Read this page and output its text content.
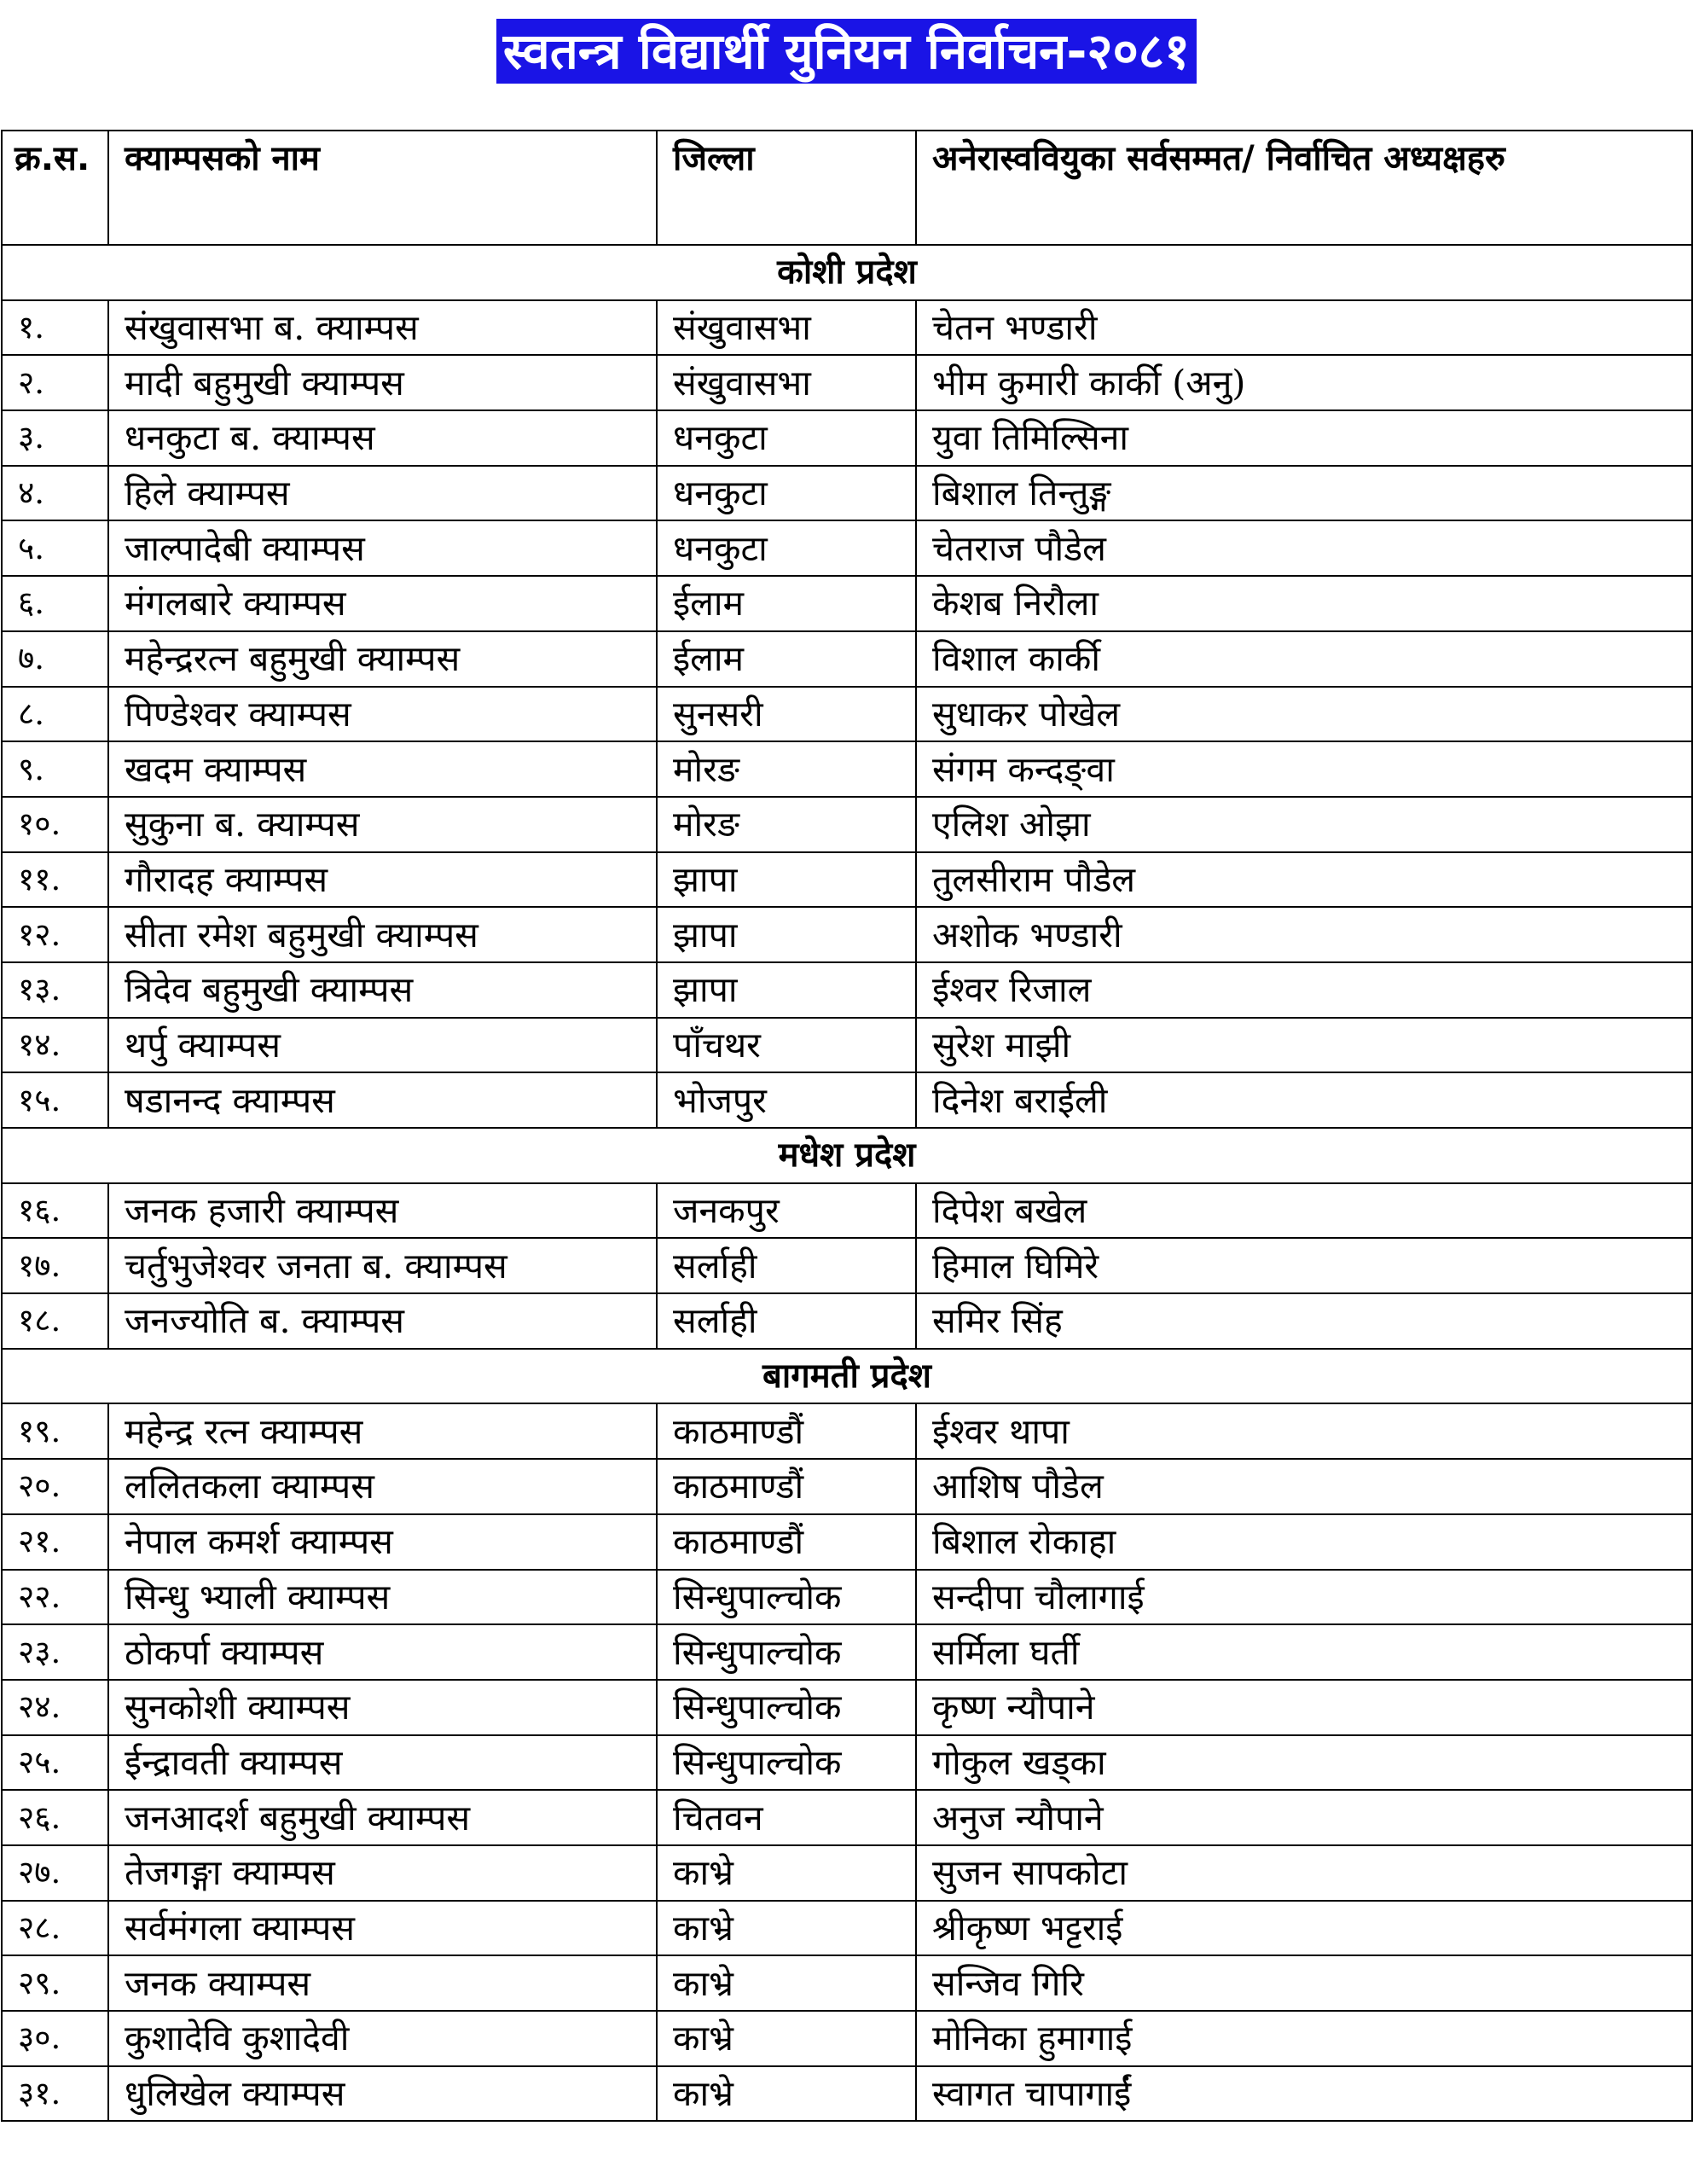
स्वतन्त्र विद्यार्थी युनियन निर्वाचन-२०८१
क्र.स.	क्याम्पसको नाम	जिल्ला	अनेरास्ववियुका सर्वसम्मत/ निर्वाचित अध्यक्षहरु
कोशी प्रदेश			
१.	संखुवासभा ब. क्याम्पस	संखुवासभा	चेतन भण्डारी
२.	मादी बहुमुखी क्याम्पस	संखुवासभा	भीम कुमारी कार्की (अनु)
३.	धनकुटा ब. क्याम्पस	धनकुटा	युवा तिमिल्सिना
४.	हिले क्याम्पस	धनकुटा	बिशाल तिन्तुङ्ग
५.	जाल्पादेबी क्याम्पस	धनकुटा	चेतराज पौडेल
६.	मंगलबारे क्याम्पस	ईलाम	केशब निरौला
७.	महेन्द्ररत्न बहुमुखी क्याम्पस	ईलाम	विशाल कार्की
८.	पिण्डेश्वर क्याम्पस	सुनसरी	सुधाकर पोखेल
९.	खदम क्याम्पस	मोरङ	संगम कन्दङ्वा
१०.	सुकुना ब. क्याम्पस	मोरङ	एलिश ओझा
११.	गौरादह क्याम्पस	झापा	तुलसीराम पौडेल
१२.	सीता रमेश बहुमुखी क्याम्पस	झापा	अशोक भण्डारी
१३.	त्रिदेव बहुमुखी क्याम्पस	झापा	ईश्वर रिजाल
१४.	थर्पु क्याम्पस	पाँचथर	सुरेश माझी
१५.	षडानन्द क्याम्पस	भोजपुर	दिनेश बराईली
मधेश प्रदेश			
१६.	जनक हजारी क्याम्पस	जनकपुर	दिपेश बखेल
१७.	चर्तुभुजेश्वर जनता ब. क्याम्पस	सर्लाही	हिमाल घिमिरे
१८.	जनज्योति ब. क्याम्पस	सर्लाही	समिर सिंह
बागमती प्रदेश			
१९.	महेन्द्र रत्न क्याम्पस	काठमाण्डौं	ईश्वर थापा
२०.	ललितकला क्याम्पस	काठमाण्डौं	आशिष पौडेल
२१.	नेपाल कमर्श क्याम्पस	काठमाण्डौं	बिशाल रोकाहा
२२.	सिन्धु भ्याली क्याम्पस	सिन्धुपाल्चोक	सन्दीपा चौलागाई
२३.	ठोकर्पा क्याम्पस	सिन्धुपाल्चोक	सर्मिला घर्ती
२४.	सुनकोशी क्याम्पस	सिन्धुपाल्चोक	कृष्ण न्यौपाने
२५.	ईन्द्रावती क्याम्पस	सिन्धुपाल्चोक	गोकुल खड्का
२६.	जनआदर्श बहुमुखी क्याम्पस	चितवन	अनुज न्यौपाने
२७.	तेजगङ्गा क्याम्पस	काभ्रे	सुजन सापकोटा
२८.	सर्वमंगला क्याम्पस	काभ्रे	श्रीकृष्ण भट्टराई
२९.	जनक क्याम्पस	काभ्रे	सन्जिव गिरि
३०.	कुशादेवि कुशादेवी	काभ्रे	मोनिका हुमागाई
३१.	धुलिखेल क्याम्पस	काभ्रे	स्वागत चापागाईं
